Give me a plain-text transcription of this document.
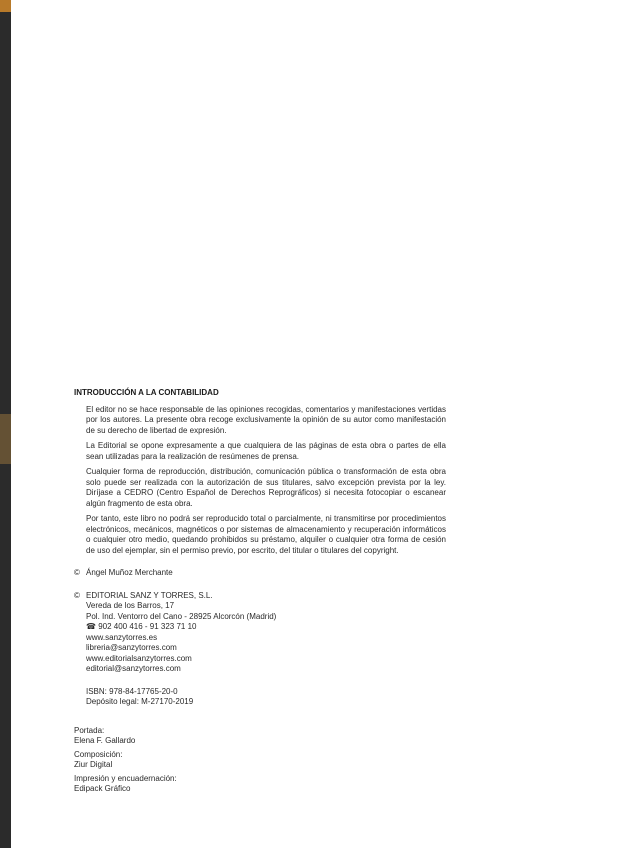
INTRODUCCIÓN A LA CONTABILIDAD
El editor no se hace responsable de las opiniones recogidas, comentarios y manifestaciones vertidas por los autores. La presente obra recoge exclusivamente la opinión de su autor como manifestación de su derecho de libertad de expresión.
La Editorial se opone expresamente a que cualquiera de las páginas de esta obra o partes de ella sean utilizadas para la realización de resúmenes de prensa.
Cualquier forma de reproducción, distribución, comunicación pública o transformación de esta obra solo puede ser realizada con la autorización de sus titulares, salvo excepción prevista por la ley. Diríjase a CEDRO (Centro Español de Derechos Reprográficos) si necesita fotocopiar o escanear algún fragmento de esta obra.
Por tanto, este libro no podrá ser reproducido total o parcialmente, ni transmitirse por procedimientos electrónicos, mecánicos, magnéticos o por sistemas de almacenamiento y recuperación informáticos o cualquier otro medio, quedando prohibidos su préstamo, alquiler o cualquier otra forma de cesión de uso del ejemplar, sin el permiso previo, por escrito, del titular o titulares del copyright.
© Ángel Muñoz Merchante
© EDITORIAL SANZ Y TORRES, S.L.
Vereda de los Barros, 17
Pol. Ind. Ventorro del Cano - 28925 Alcorcón (Madrid)
☎ 902 400 416 - 91 323 71 10
www.sanzytorres.es
libreria@sanzytorres.com
www.editorialsanzytorres.com
editorial@sanzytorres.com
ISBN: 978-84-17765-20-0
Depósito legal: M-27170-2019
Portada:
Elena F. Gallardo
Composición:
Ziur Digital
Impresión y encuadernación:
Edipack Gráfico
